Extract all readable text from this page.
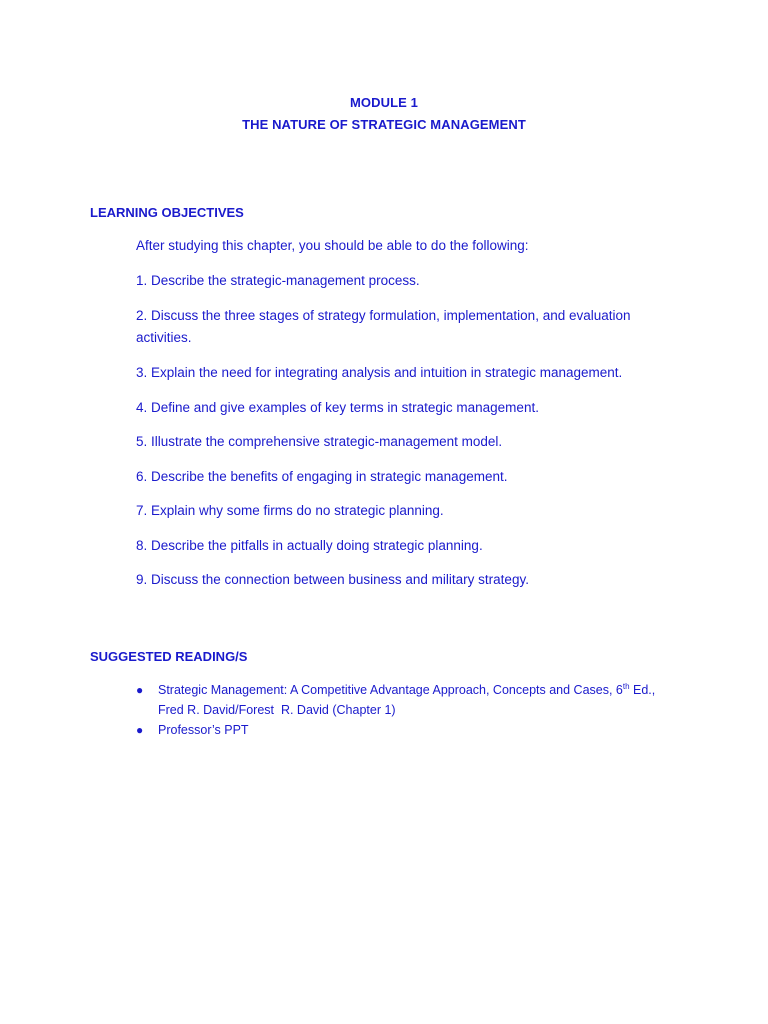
MODULE 1
THE NATURE OF STRATEGIC MANAGEMENT
LEARNING OBJECTIVES
After studying this chapter, you should be able to do the following:
1. Describe the strategic-management process.
2. Discuss the three stages of strategy formulation, implementation, and evaluation activities.
3. Explain the need for integrating analysis and intuition in strategic management.
4. Define and give examples of key terms in strategic management.
5. Illustrate the comprehensive strategic-management model.
6. Describe the benefits of engaging in strategic management.
7. Explain why some firms do no strategic planning.
8. Describe the pitfalls in actually doing strategic planning.
9. Discuss the connection between business and military strategy.
SUGGESTED READING/S
● Strategic Management: A Competitive Advantage Approach, Concepts and Cases, 6th Ed.,
Fred R. David/Forest  R. David (Chapter 1)
● Professor’s PPT
